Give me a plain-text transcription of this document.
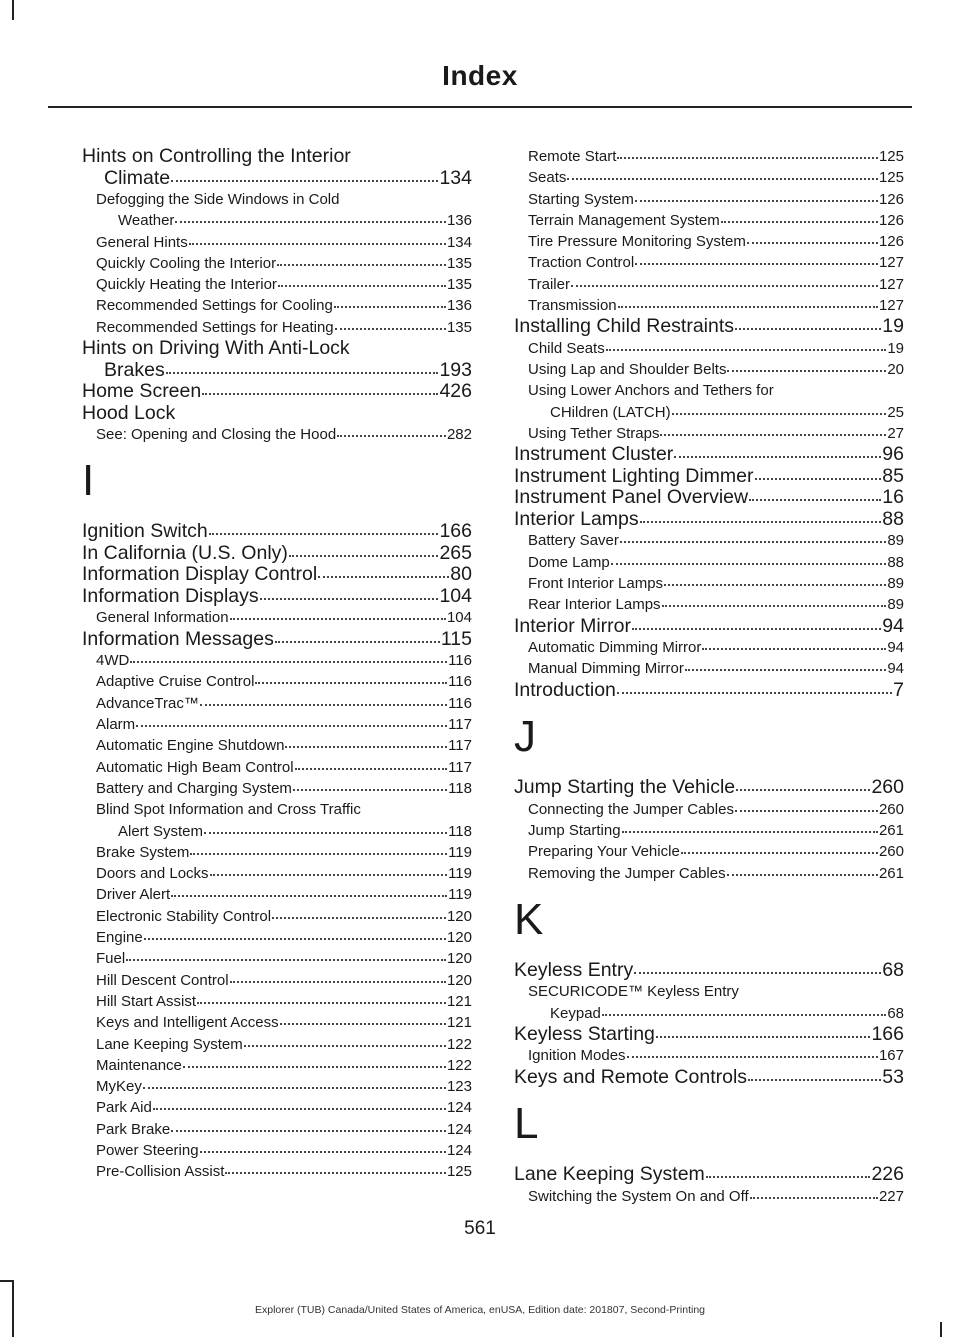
Index
Hints on Controlling the Interior
Climate	134
Defogging the Side Windows in Cold
Weather	136
General Hints	134
Quickly Cooling the Interior	135
Quickly Heating the Interior	135
Recommended Settings for Cooling	136
Recommended Settings for Heating	135
Hints on Driving With Anti-Lock
Brakes	193
Home Screen	426
Hood Lock
See: Opening and Closing the Hood	282
I
Ignition Switch	166
In California (U.S. Only)	265
Information Display Control	80
Information Displays	104
General Information	104
Information Messages	115
4WD	116
Adaptive Cruise Control	116
AdvanceTrac™	116
Alarm	117
Automatic Engine Shutdown	117
Automatic High Beam Control	117
Battery and Charging System	118
Blind Spot Information and Cross Traffic
Alert System	118
Brake System	119
Doors and Locks	119
Driver Alert	119
Electronic Stability Control	120
Engine	120
Fuel	120
Hill Descent Control	120
Hill Start Assist	121
Keys and Intelligent Access	121
Lane Keeping System	122
Maintenance	122
MyKey	123
Park Aid	124
Park Brake	124
Power Steering	124
Pre-Collision Assist	125
Remote Start	125
Seats	125
Starting System	126
Terrain Management System	126
Tire Pressure Monitoring System	126
Traction Control	127
Trailer	127
Transmission	127
Installing Child Restraints	19
Child Seats	19
Using Lap and Shoulder Belts	20
Using Lower Anchors and Tethers for
CHildren (LATCH)	25
Using Tether Straps	27
Instrument Cluster	96
Instrument Lighting Dimmer	85
Instrument Panel Overview	16
Interior Lamps	88
Battery Saver	89
Dome Lamp	88
Front Interior Lamps	89
Rear Interior Lamps	89
Interior Mirror	94
Automatic Dimming Mirror	94
Manual Dimming Mirror	94
Introduction	7
J
Jump Starting the Vehicle	260
Connecting the Jumper Cables	260
Jump Starting	261
Preparing Your Vehicle	260
Removing the Jumper Cables	261
K
Keyless Entry	68
SECURICODE™ Keyless Entry
Keypad	68
Keyless Starting	166
Ignition Modes	167
Keys and Remote Controls	53
L
Lane Keeping System	226
Switching the System On and Off	227
561
Explorer (TUB) Canada/United States of America, enUSA, Edition date: 201807, Second-Printing
